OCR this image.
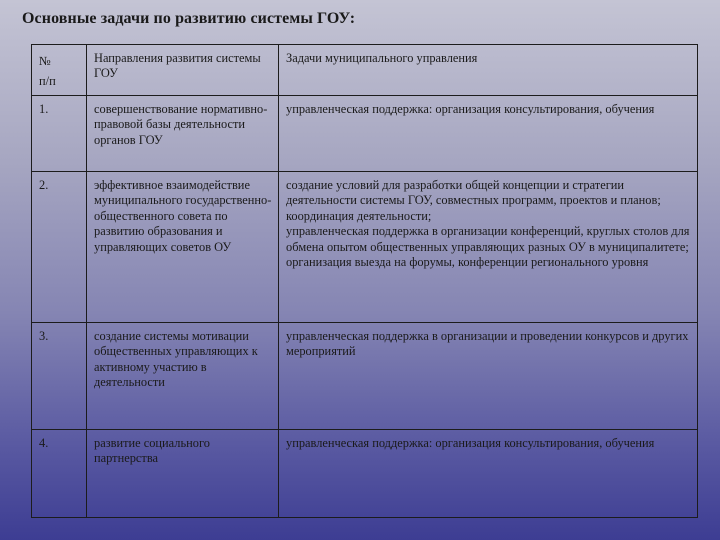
Основные задачи по развитию системы ГОУ:
№
п/п	Направления развития системы ГОУ	Задачи муниципального управления
1.	совершенствование нормативно-правовой базы деятельности органов ГОУ	управленческая поддержка: организация консультирования, обучения

2.	эффективное взаимодействие муниципального государственно-общественного совета по развитию образования и управляющих советов ОУ	создание условий для разработки общей концепции и стратегии деятельности системы ГОУ, совместных программ, проектов и планов; координация деятельности;
управленческая поддержка в организации конференций, круглых столов для обмена опытом общественных управляющих разных ОУ в муниципалитете;
организация выезда на форумы, конференции регионального уровня

3.	создание системы мотивации общественных управляющих к активному участию в деятельности	управленческая поддержка в организации и проведении конкурсов и других мероприятий

4.	развитие социального партнерства	управленческая поддержка: организация консультирования, обучения
